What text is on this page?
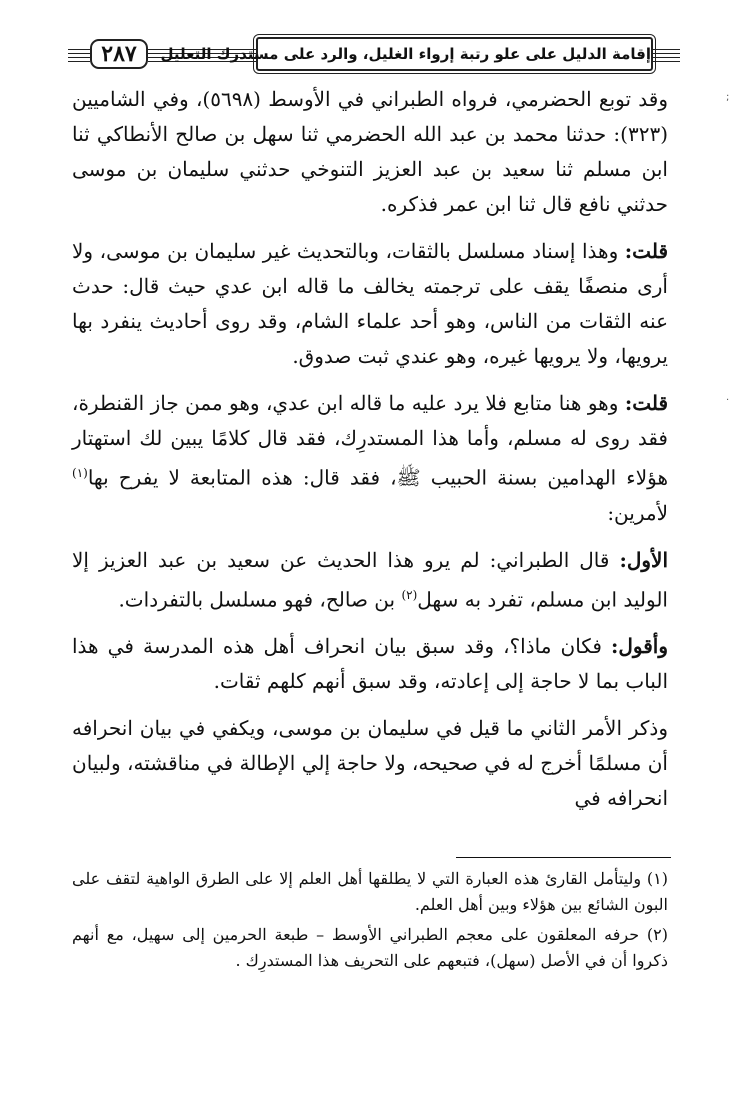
٢٨٧	إقامة الدليل على علو رتبة إرواء الغليل، والرد على مستدرك التعليل

وقد توبع الحضرمي، فرواه الطبراني في الأوسط (٥٦٩٨)، وفي الشاميين (٣٢٣): حدثنا محمد بن عبد الله الحضرمي ثنا سهل بن صالح الأنطاكي ثنا ابن مسلم ثنا سعيد بن عبد العزيز التنوخي حدثني سليمان بن موسى حدثني نافع قال ثنا ابن عمر فذكره.

قلت: وهذا إسناد مسلسل بالثقات، وبالتحديث غير سليمان بن موسى، ولا أرى منصفًا يقف على ترجمته يخالف ما قاله ابن عدي حيث قال: حدث عنه الثقات من الناس، وهو أحد علماء الشام، وقد روى أحاديث ينفرد بها يرويها، ولا يرويها غيره، وهو عندي ثبت صدوق.

قلت: وهو هنا متابع فلا يرد عليه ما قاله ابن عدي، وهو ممن جاز القنطرة، فقد روى له مسلم، وأما هذا المستدرِك، فقد قال كلامًا يبين لك استهتار هؤلاء الهدامين بسنة الحبيب ﷺ، فقد قال: هذه المتابعة لا يفرح بها$^{(١)}$ لأمرين:

الأول: قال الطبراني: لم يرو هذا الحديث عن سعيد بن عبد العزيز إلا الوليد ابن مسلم، تفرد به سهل$^{(٢)}$ بن صالح، فهو مسلسل بالتفردات.

وأقول: فكان ماذا؟، وقد سبق بيان انحراف أهل هذه المدرسة في هذا الباب بما لا حاجة إلى إعادته، وقد سبق أنهم كلهم ثقات.

وذكر الأمر الثاني ما قيل في سليمان بن موسى، ويكفي في بيان انحرافه أن مسلمًا أخرج له في صحيحه، ولا حاجة إلي الإطالة في مناقشته، ولبيان انحرافه في

(١) وليتأمل القارئ هذه العبارة التي لا يطلقها أهل العلم إلا على الطرق الواهية لتقف على البون الشائع بين هؤلاء وبين أهل العلم.

(٢) حرفه المعلقون على معجم الطبراني الأوسط – طبعة الحرمين إلى سهيل، مع أنهم ذكروا أن في الأصل (سهل)، فتبعهم على التحريف هذا المستدرِك .

;
.
